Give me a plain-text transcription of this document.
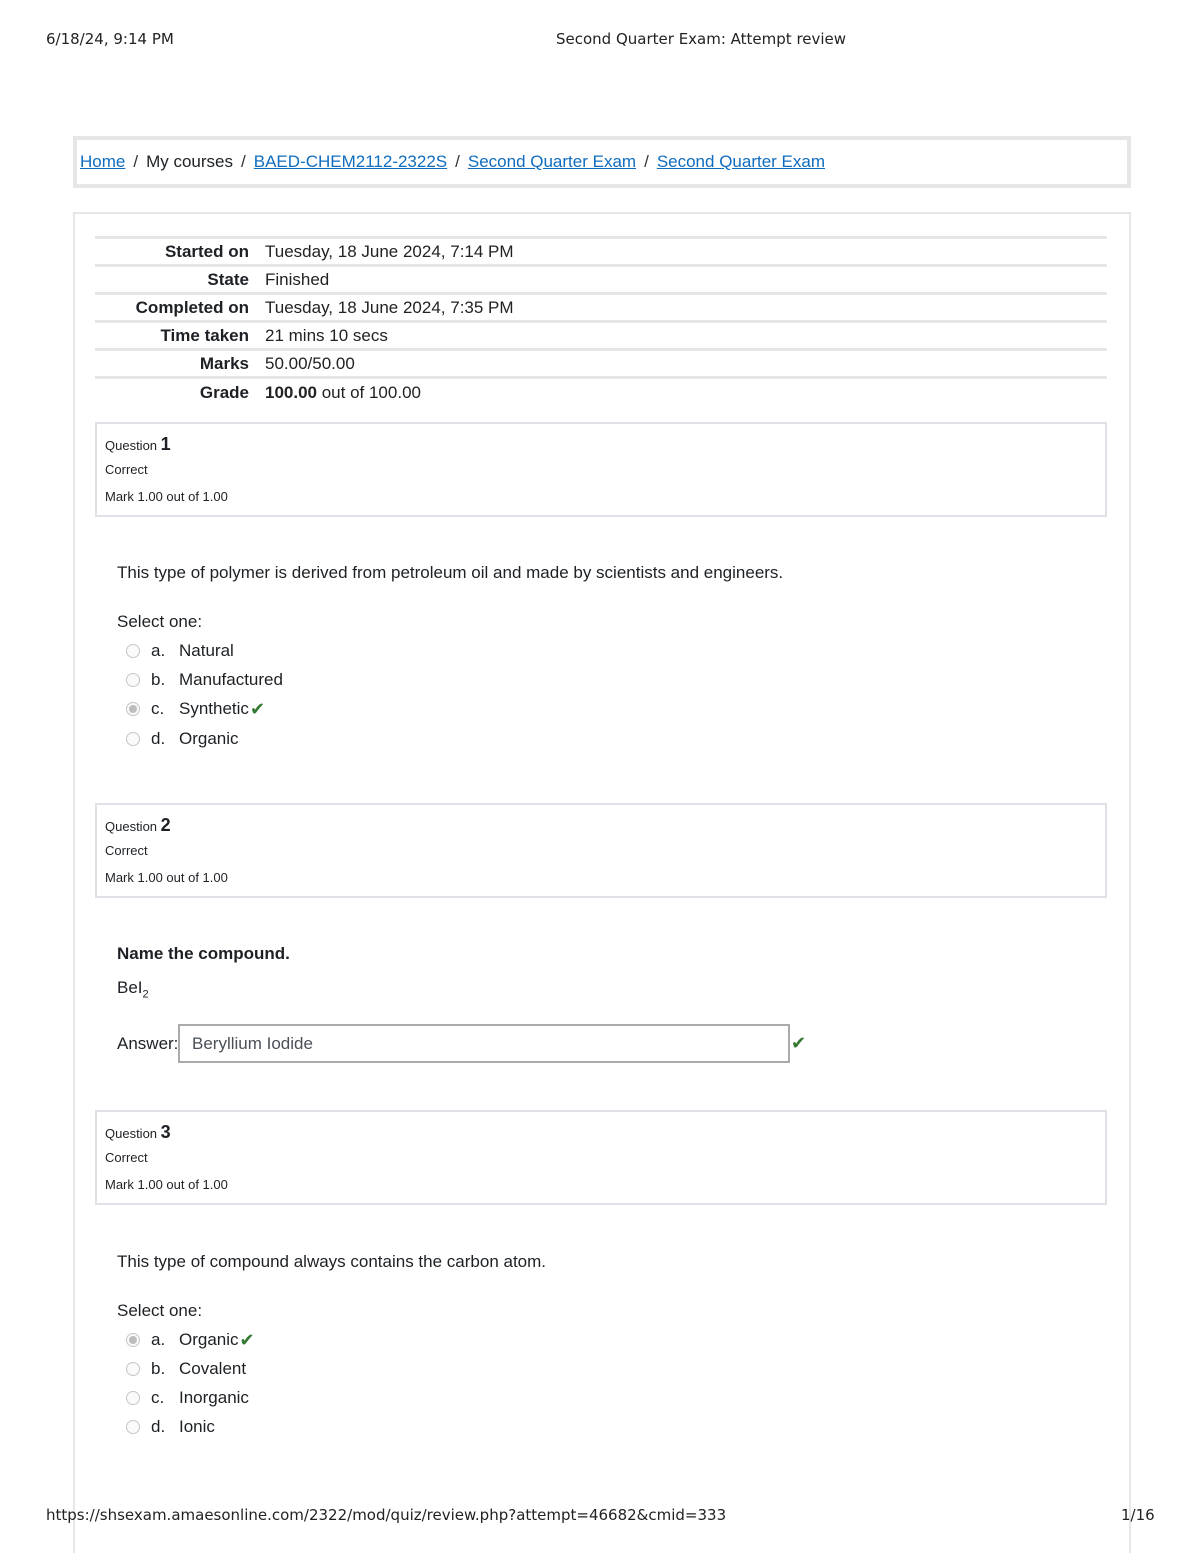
6/18/24, 9:14 PM	Second Quarter Exam: Attempt review
Home / My courses / BAED-CHEM2112-2322S / Second Quarter Exam / Second Quarter Exam
Started on	Tuesday, 18 June 2024, 7:14 PM
State	Finished
Completed on	Tuesday, 18 June 2024, 7:35 PM
Time taken	21 mins 10 secs
Marks	50.00/50.00
Grade	100.00 out of 100.00
Question 1
Correct
Mark 1.00 out of 1.00
This type of polymer is derived from petroleum oil and made by scientists and engineers.
Select one:
a. Natural
b. Manufactured
c. Synthetic ✔
d. Organic
Question 2
Correct
Mark 1.00 out of 1.00
Name the compound.
BeI$_2$
Answer: Beryllium Iodide	✔
Question 3
Correct
Mark 1.00 out of 1.00
This type of compound always contains the carbon atom.
Select one:
a. Organic ✔
b. Covalent
c. Inorganic
d. Ionic
https://shsexam.amaesonline.com/2322/mod/quiz/review.php?attempt=46682&cmid=333	1/16
